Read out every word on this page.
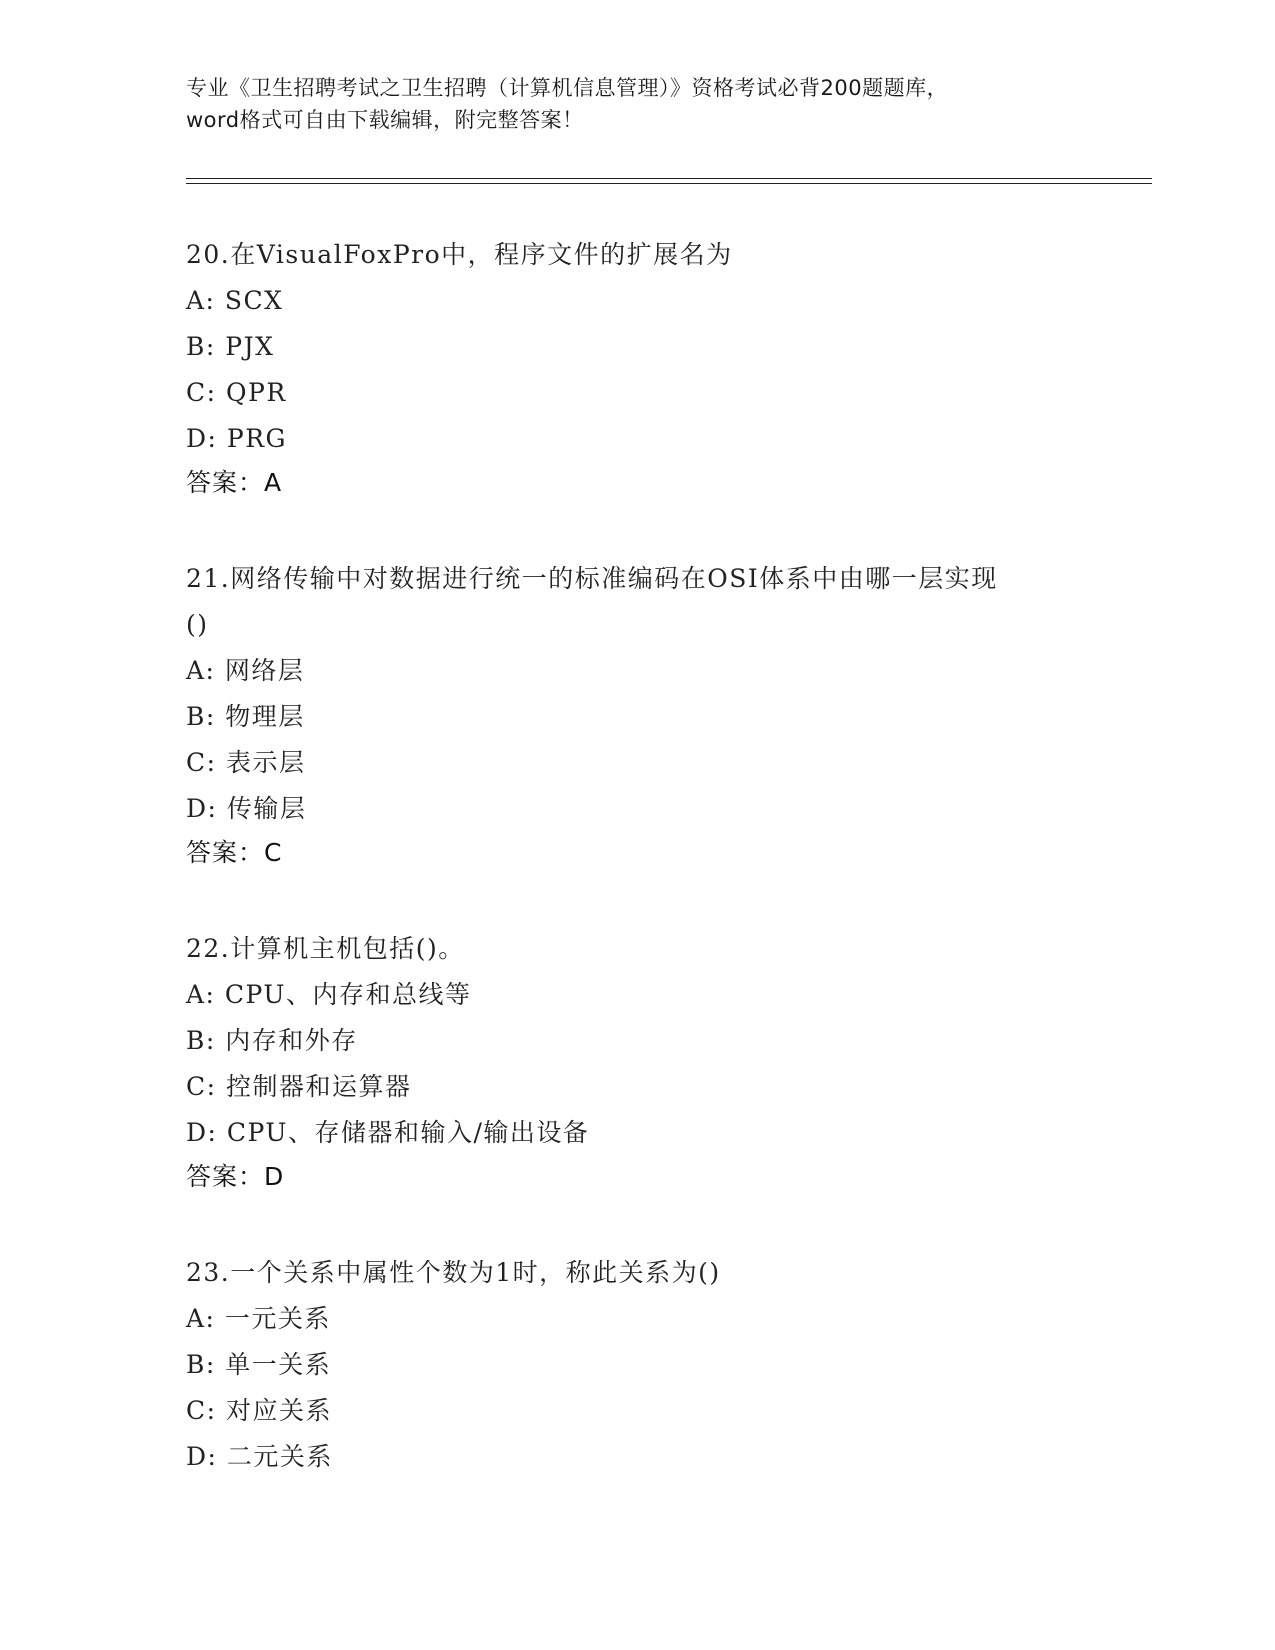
专业《卫生招聘考试之卫生招聘（计算机信息管理）》资格考试必背200题题库，
word格式可自由下载编辑，附完整答案！
20.在VisualFoxPro中，程序文件的扩展名为
A: SCX
B: PJX
C: QPR
D: PRG
答案：A
21.网络传输中对数据进行统一的标准编码在OSI体系中由哪一层实现
()
A: 网络层
B: 物理层
C: 表示层
D: 传输层
答案：C
22.计算机主机包括()。
A: CPU、内存和总线等
B: 内存和外存
C: 控制器和运算器
D: CPU、存储器和输入/输出设备
答案：D
23.一个关系中属性个数为1时，称此关系为()
A: 一元关系
B: 单一关系
C: 对应关系
D: 二元关系
